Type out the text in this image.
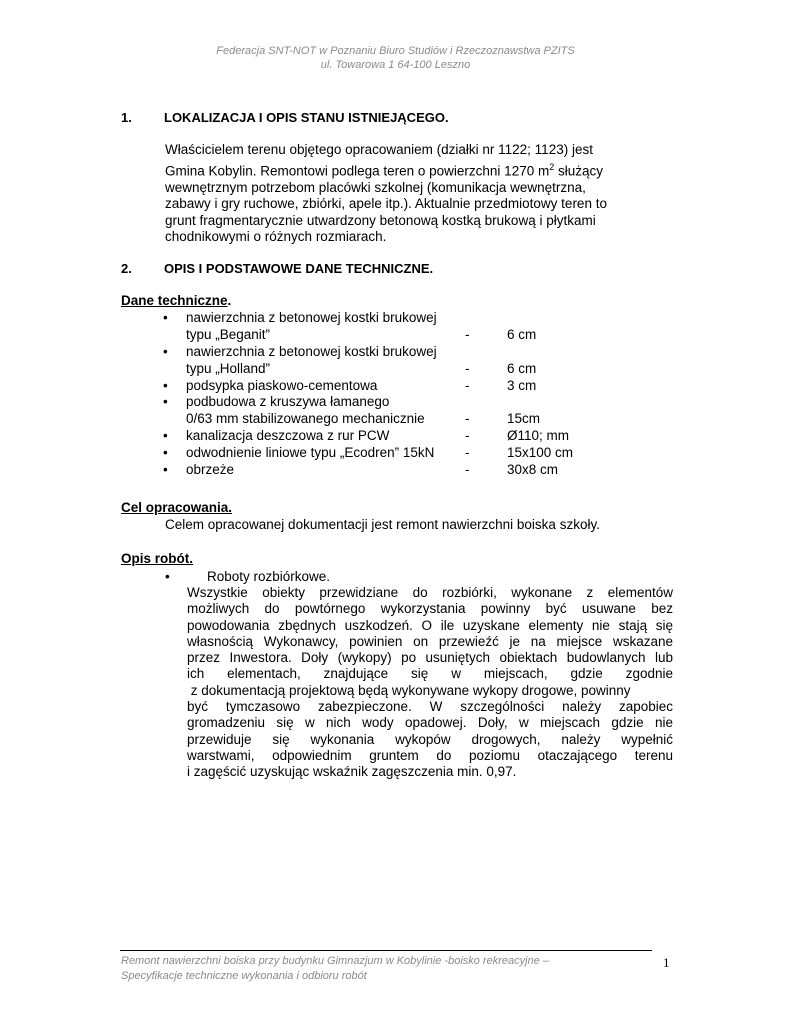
Federacja SNT-NOT w Poznaniu Biuro Studiów i Rzeczoznawstwa PZITS
ul. Towarowa 1 64-100 Leszno
1. LOKALIZACJA I OPIS STANU ISTNIEJĄCEGO.
Właścicielem terenu objętego opracowaniem (działki nr 1122; 1123) jest
Gmina Kobylin. Remontowi podlega teren o powierzchni 1270 $m^2$ służący
wewnętrznym potrzebom placówki szkolnej (komunikacja wewnętrzna,
zabawy i gry ruchowe, zbiórki, apele itp.). Aktualnie przedmiotowy teren to
grunt fragmentarycznie utwardzony betonową kostką brukową i płytkami
chodnikowymi o różnych rozmiarach.
2. OPIS I PODSTAWOWE DANE TECHNICZNE.
Dane techniczne.
•	nawierzchnia z betonowej kostki brukowej
typu „Beganit”	-	6 cm
•	nawierzchnia z betonowej kostki brukowej
typu „Holland”	-	6 cm
•	podsypka piaskowo-cementowa	-	3 cm
•	podbudowa z kruszywa łamanego
0/63 mm stabilizowanego mechanicznie	-	15cm
•	kanalizacja deszczowa z rur PCW	-	Ø110; mm
•	odwodnienie liniowe typu „Ecodren” 15kN -	15x100 cm
•	obrzeże	-	30x8 cm
Cel opracowania.
Celem opracowanej dokumentacji jest remont nawierzchni boiska szkoły.
Opis robót.
•	Roboty rozbiórkowe.
Wszystkie obiekty przewidziane do rozbiórki, wykonane z elementów
możliwych do powtórnego wykorzystania powinny być usuwane bez
powodowania zbędnych uszkodzeń. O ile uzyskane elementy nie stają się
własnością Wykonawcy, powinien on przewieźć je na miejsce wskazane
przez Inwestora. Doły (wykopy) po usuniętych obiektach budowlanych lub
ich elementach, znajdujące się w miejscach, gdzie zgodnie
z dokumentacją projektową będą wykonywane wykopy drogowe, powinny
być tymczasowo zabezpieczone. W szczególności należy zapobiec
gromadzeniu się w nich wody opadowej. Doły, w miejscach gdzie nie
przewiduje się wykonania wykopów drogowych, należy wypełnić
warstwami, odpowiednim gruntem do poziomu otaczającego terenu
i zagęścić uzyskując wskaźnik zagęszczenia min. 0,97.
Remont nawierzchni boiska przy budynku Gimnazjum w Kobylinie -boisko rekreacyjne –
Specyfikacje techniczne wykonania i odbioru robót
1
